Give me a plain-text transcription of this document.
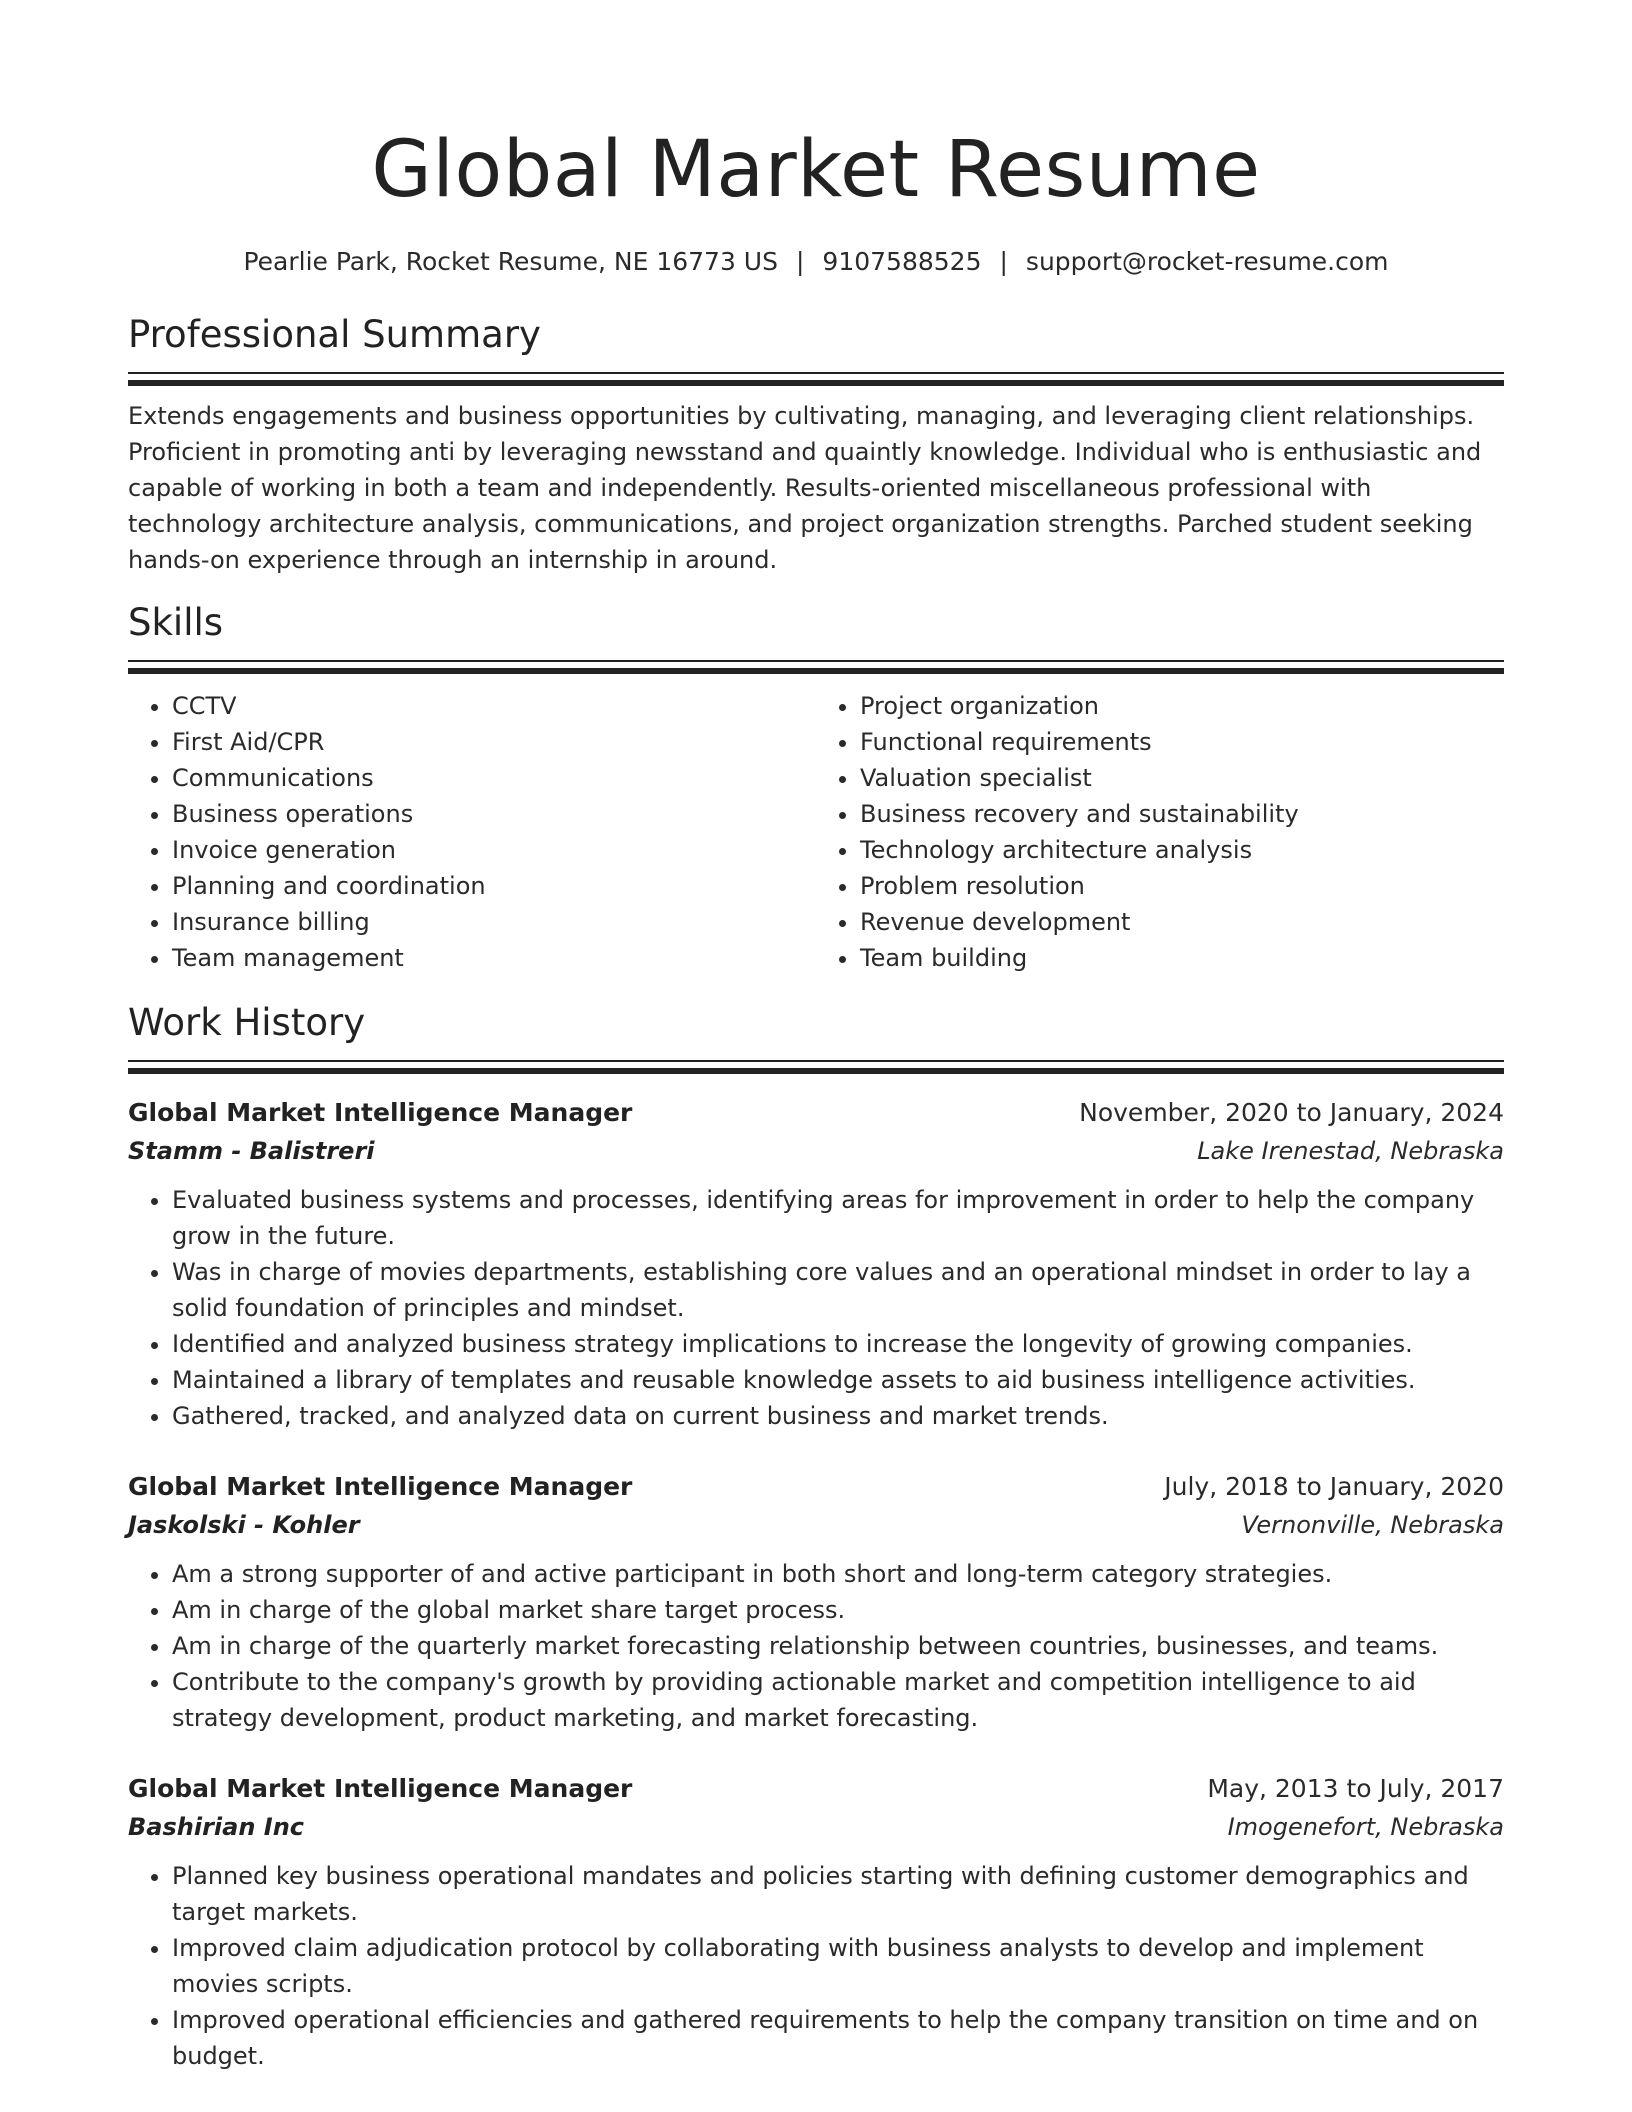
Global Market Resume
Pearlie Park, Rocket Resume, NE 16773 US | 9107588525 | support@rocket-resume.com
Professional Summary
Extends engagements and business opportunities by cultivating, managing, and leveraging client relationships. Proficient in promoting anti by leveraging newsstand and quaintly knowledge. Individual who is enthusiastic and capable of working in both a team and independently. Results-oriented miscellaneous professional with technology architecture analysis, communications, and project organization strengths. Parched student seeking hands-on experience through an internship in around.
Skills
• CCTV
• First Aid/CPR
• Communications
• Business operations
• Invoice generation
• Planning and coordination
• Insurance billing
• Team management
• Project organization
• Functional requirements
• Valuation specialist
• Business recovery and sustainability
• Technology architecture analysis
• Problem resolution
• Revenue development
• Team building
Work History
Global Market Intelligence Manager	November, 2020 to January, 2024
Stamm - Balistreri	Lake Irenestad, Nebraska
• Evaluated business systems and processes, identifying areas for improvement in order to help the company grow in the future.
• Was in charge of movies departments, establishing core values and an operational mindset in order to lay a solid foundation of principles and mindset.
• Identified and analyzed business strategy implications to increase the longevity of growing companies.
• Maintained a library of templates and reusable knowledge assets to aid business intelligence activities.
• Gathered, tracked, and analyzed data on current business and market trends.
Global Market Intelligence Manager	July, 2018 to January, 2020
Jaskolski - Kohler	Vernonville, Nebraska
• Am a strong supporter of and active participant in both short and long-term category strategies.
• Am in charge of the global market share target process.
• Am in charge of the quarterly market forecasting relationship between countries, businesses, and teams.
• Contribute to the company's growth by providing actionable market and competition intelligence to aid strategy development, product marketing, and market forecasting.
Global Market Intelligence Manager	May, 2013 to July, 2017
Bashirian Inc	Imogenefort, Nebraska
• Planned key business operational mandates and policies starting with defining customer demographics and target markets.
• Improved claim adjudication protocol by collaborating with business analysts to develop and implement movies scripts.
• Improved operational efficiencies and gathered requirements to help the company transition on time and on budget.
